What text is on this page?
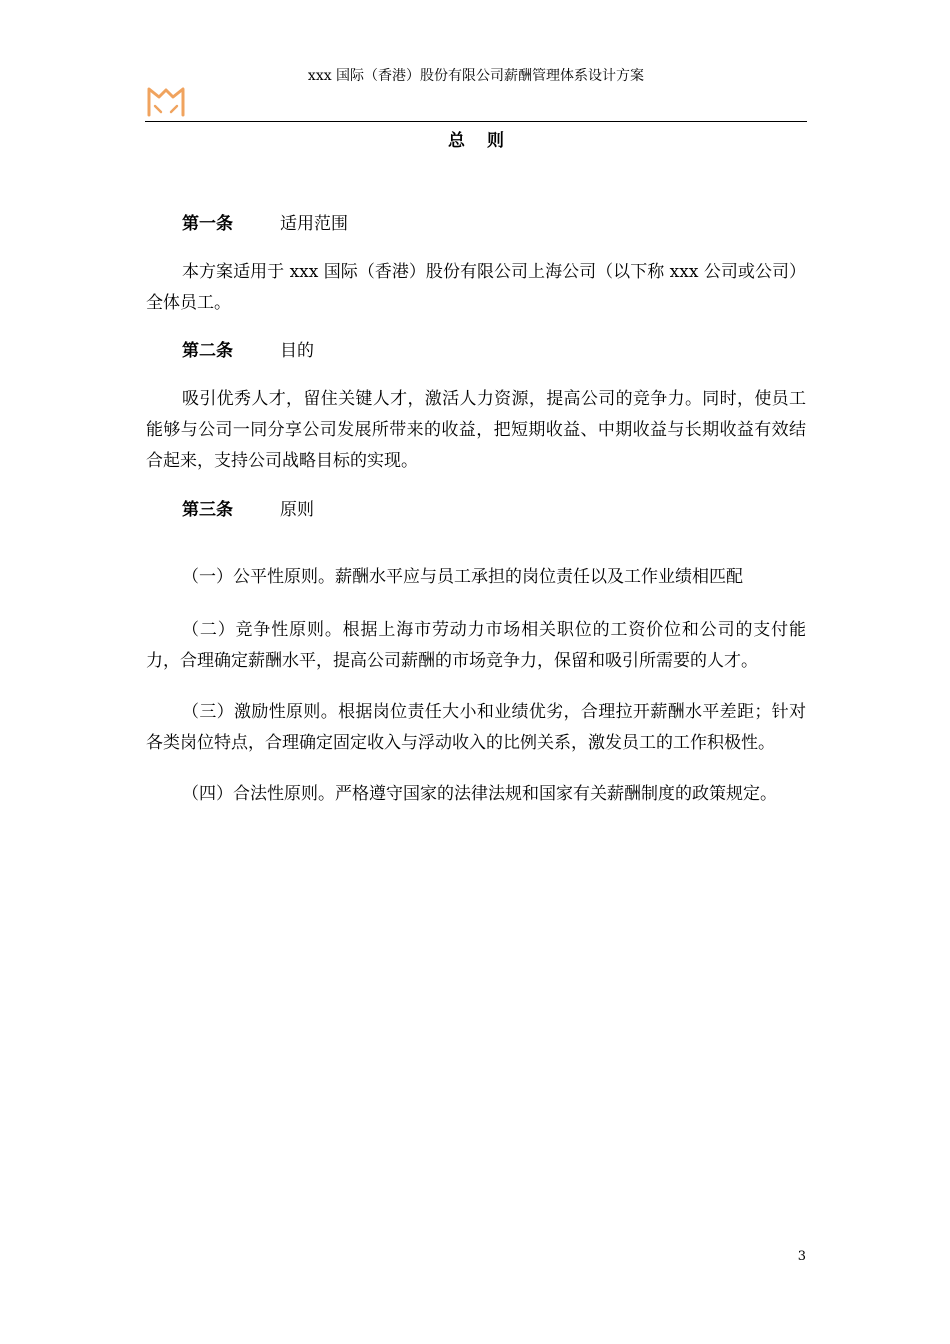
xxx 国际（香港）股份有限公司薪酬管理体系设计方案
总则

第一条	适用范围

本方案适用于 xxx 国际（香港）股份有限公司上海公司（以下称 xxx 公司或公司）全体员工。

第二条	目的

吸引优秀人才，留住关键人才，激活人力资源，提高公司的竞争力。同时，使员工能够与公司一同分享公司发展所带来的收益，把短期收益、中期收益与长期收益有效结合起来，支持公司战略目标的实现。

第三条	原则

（一）公平性原则。薪酬水平应与员工承担的岗位责任以及工作业绩相匹配

（二）竞争性原则。根据上海市劳动力市场相关职位的工资价位和公司的支付能力，合理确定薪酬水平，提高公司薪酬的市场竞争力，保留和吸引所需要的人才。

（三）激励性原则。根据岗位责任大小和业绩优劣，合理拉开薪酬水平差距；针对各类岗位特点，合理确定固定收入与浮动收入的比例关系，激发员工的工作积极性。

（四）合法性原则。严格遵守国家的法律法规和国家有关薪酬制度的政策规定。

3
